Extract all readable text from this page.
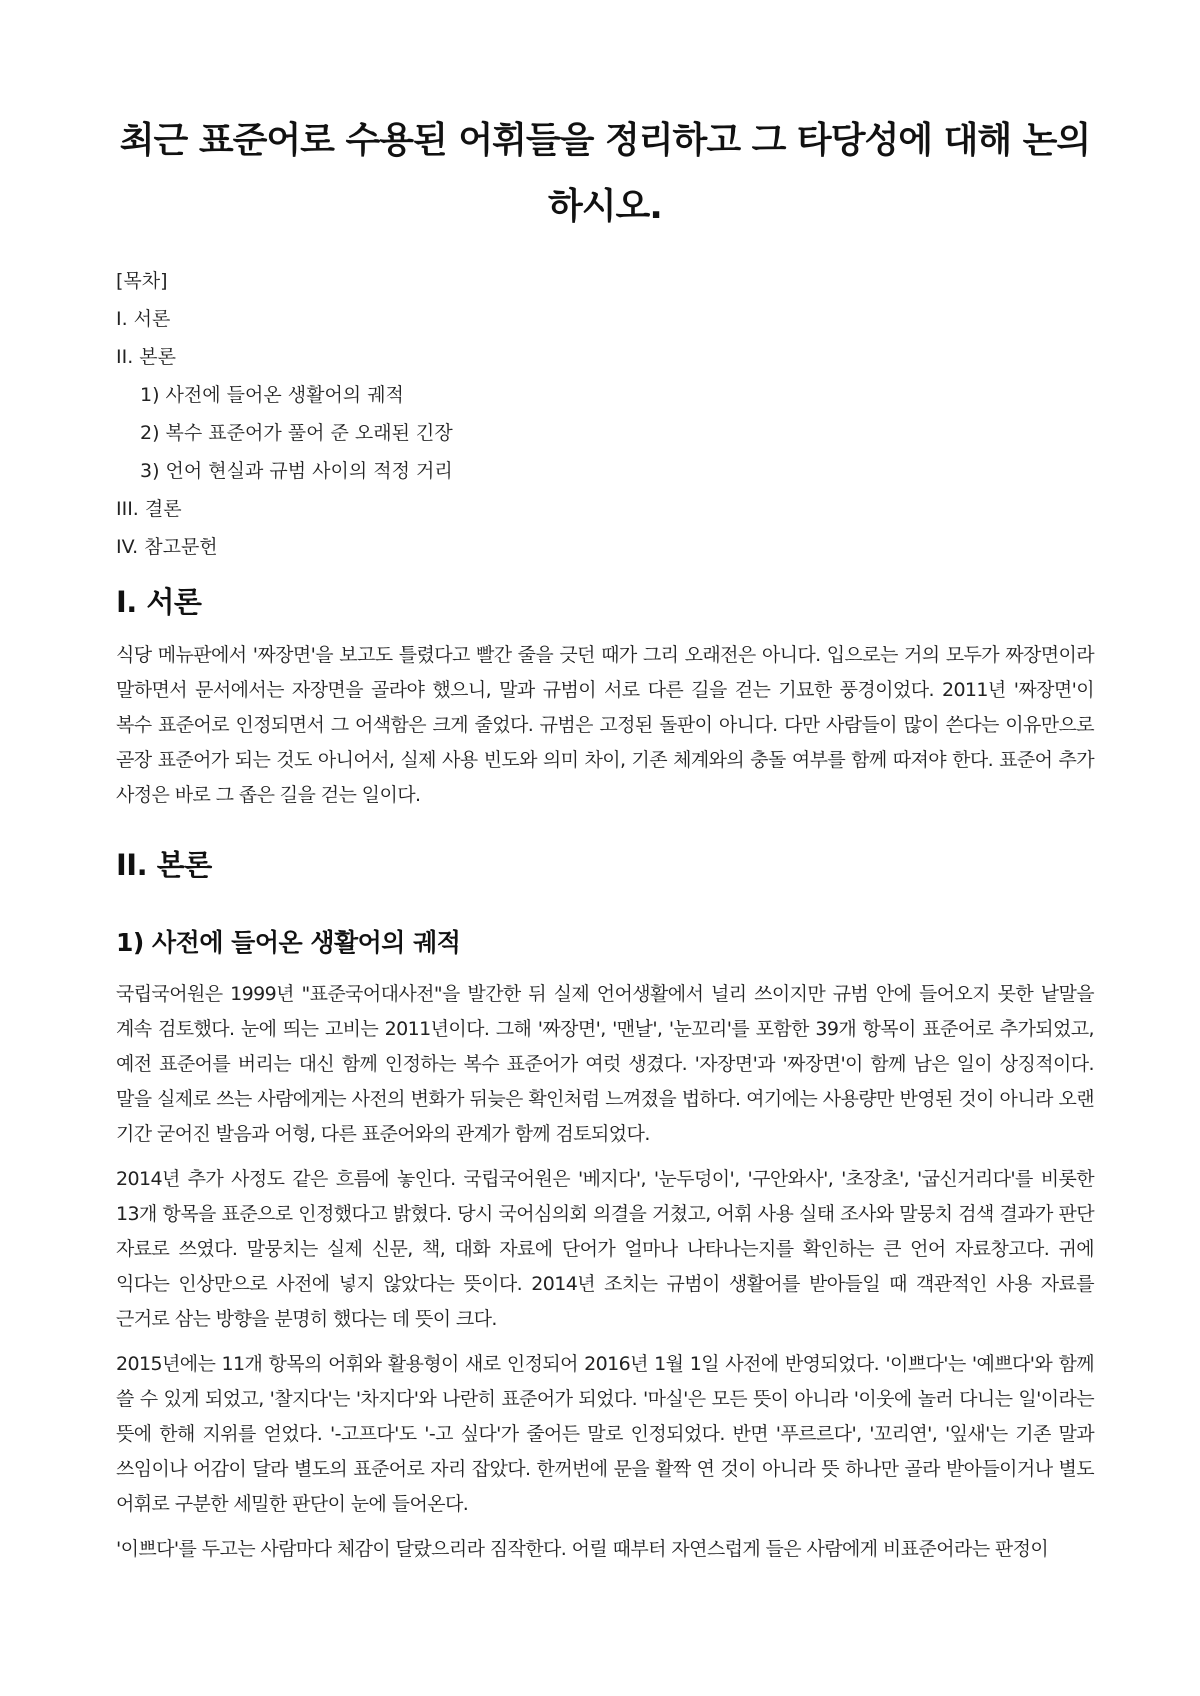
최근 표준어로 수용된 어휘들을 정리하고 그 타당성에 대해 논의하시오.
[목차]
I. 서론
II. 본론
1) 사전에 들어온 생활어의 궤적
2) 복수 표준어가 풀어 준 오래된 긴장
3) 언어 현실과 규범 사이의 적정 거리
III. 결론
IV. 참고문헌
I. 서론

식당 메뉴판에서 '짜장면'을 보고도 틀렸다고 빨간 줄을 긋던 때가 그리 오래전은 아니다. 입으로는 거의 모두가 짜장면이라 말하면서 문서에서는 자장면을 골라야 했으니, 말과 규범이 서로 다른 길을 걷는 기묘한 풍경이었다. 2011년 '짜장면'이 복수 표준어로 인정되면서 그 어색함은 크게 줄었다. 규범은 고정된 돌판이 아니다. 다만 사람들이 많이 쓴다는 이유만으로 곧장 표준어가 되는 것도 아니어서, 실제 사용 빈도와 의미 차이, 기존 체계와의 충돌 여부를 함께 따져야 한다. 표준어 추가 사정은 바로 그 좁은 길을 걷는 일이다.

II. 본론
1) 사전에 들어온 생활어의 궤적

국립국어원은 1999년 "표준국어대사전"을 발간한 뒤 실제 언어생활에서 널리 쓰이지만 규범 안에 들어오지 못한 낱말을 계속 검토했다. 눈에 띄는 고비는 2011년이다. 그해 '짜장면', '맨날', '눈꼬리'를 포함한 39개 항목이 표준어로 추가되었고, 예전 표준어를 버리는 대신 함께 인정하는 복수 표준어가 여럿 생겼다. '자장면'과 '짜장면'이 함께 남은 일이 상징적이다. 말을 실제로 쓰는 사람에게는 사전의 변화가 뒤늦은 확인처럼 느껴졌을 법하다. 여기에는 사용량만 반영된 것이 아니라 오랜 기간 굳어진 발음과 어형, 다른 표준어와의 관계가 함께 검토되었다.

2014년 추가 사정도 같은 흐름에 놓인다. 국립국어원은 '베지다', '눈두덩이', '구안와사', '초장초', '굽신거리다'를 비롯한 13개 항목을 표준으로 인정했다고 밝혔다. 당시 국어심의회 의결을 거쳤고, 어휘 사용 실태 조사와 말뭉치 검색 결과가 판단 자료로 쓰였다. 말뭉치는 실제 신문, 책, 대화 자료에 단어가 얼마나 나타나는지를 확인하는 큰 언어 자료창고다. 귀에 익다는 인상만으로 사전에 넣지 않았다는 뜻이다. 2014년 조치는 규범이 생활어를 받아들일 때 객관적인 사용 자료를 근거로 삼는 방향을 분명히 했다는 데 뜻이 크다.

2015년에는 11개 항목의 어휘와 활용형이 새로 인정되어 2016년 1월 1일 사전에 반영되었다. '이쁘다'는 '예쁘다'와 함께 쓸 수 있게 되었고, '찰지다'는 '차지다'와 나란히 표준어가 되었다. '마실'은 모든 뜻이 아니라 '이웃에 놀러 다니는 일'이라는 뜻에 한해 지위를 얻었다. '-고프다'도 '-고 싶다'가 줄어든 말로 인정되었다. 반면 '푸르르다', '꼬리연', '잎새'는 기존 말과 쓰임이나 어감이 달라 별도의 표준어로 자리 잡았다. 한꺼번에 문을 활짝 연 것이 아니라 뜻 하나만 골라 받아들이거나 별도 어휘로 구분한 세밀한 판단이 눈에 들어온다.

'이쁘다'를 두고는 사람마다 체감이 달랐으리라 짐작한다. 어릴 때부터 자연스럽게 들은 사람에게 비표준어라는 판정이
